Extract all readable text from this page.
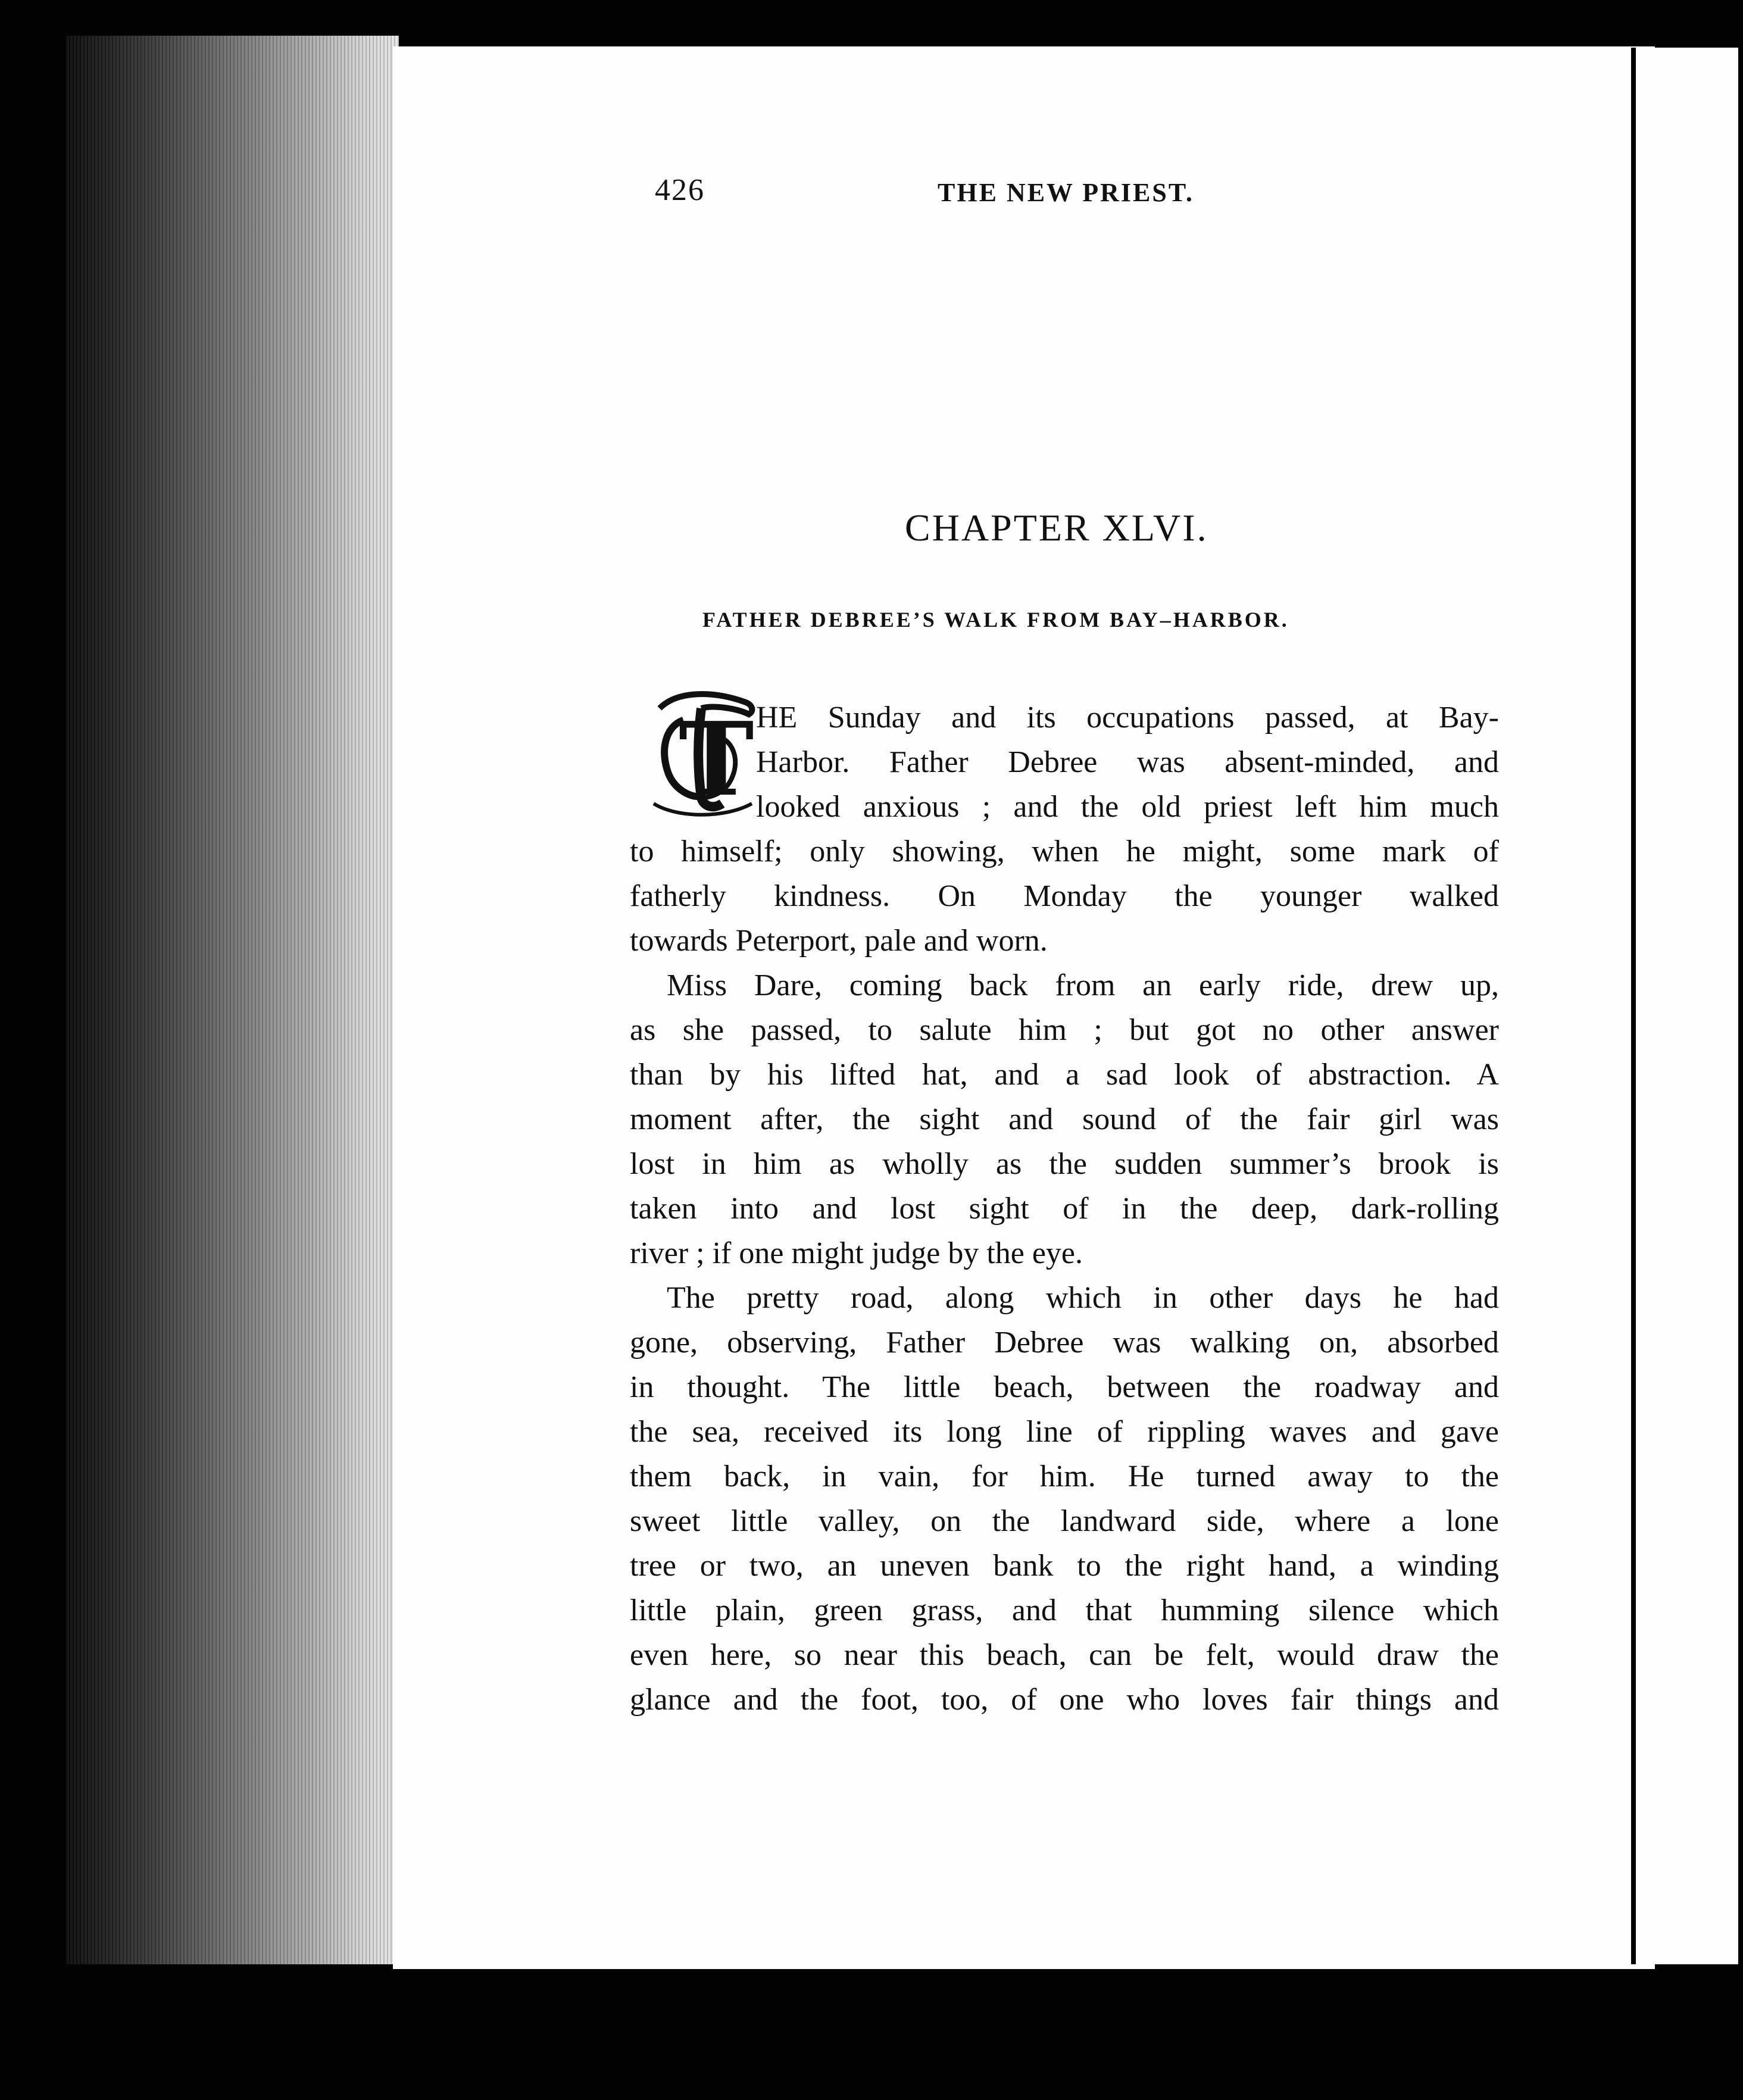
426	THE NEW PRIEST.
CHAPTER XLVI.
FATHER DEBREE’S WALK FROM BAY–HARBOR.
T HE Sunday and its occupations passed, at Bay-
Harbor. Father Debree was absent-minded, and
looked anxious ; and the old priest left him much
to himself; only showing, when he might, some mark of
fatherly kindness. On Monday the younger walked
towards Peterport, pale and worn.
Miss Dare, coming back from an early ride, drew up,
as she passed, to salute him ; but got no other answer
than by his lifted hat, and a sad look of abstraction. A
moment after, the sight and sound of the fair girl was
lost in him as wholly as the sudden summer’s brook is
taken into and lost sight of in the deep, dark-rolling
river ; if one might judge by the eye.
The pretty road, along which in other days he had
gone, observing, Father Debree was walking on, absorbed
in thought. The little beach, between the roadway and
the sea, received its long line of rippling waves and gave
them back, in vain, for him. He turned away to the
sweet little valley, on the landward side, where a lone
tree or two, an uneven bank to the right hand, a winding
little plain, green grass, and that humming silence which
even here, so near this beach, can be felt, would draw the
glance and the foot, too, of one who loves fair things and
